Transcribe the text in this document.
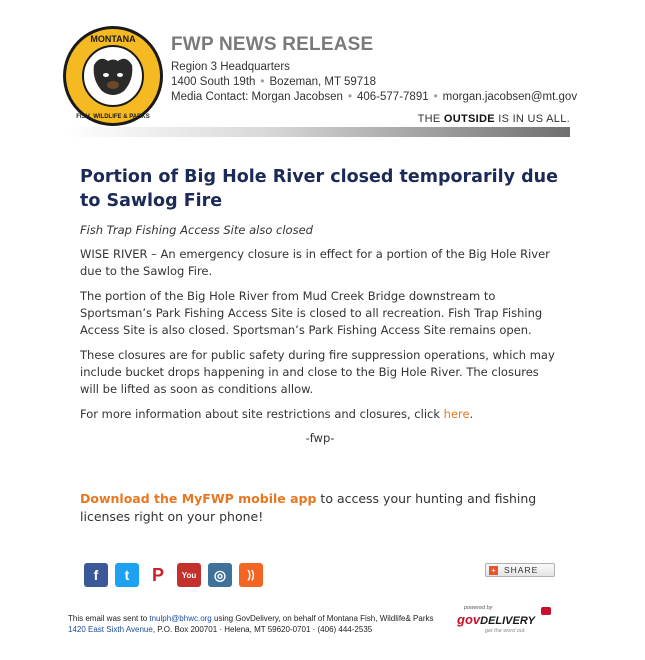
MONTANA
FISH, WILDLIFE & PARKS
FWP NEWS RELEASE
Region 3 Headquarters
1400 South 19th • Bozeman, MT 59718
Media Contact: Morgan Jacobsen • 406-577-7891 • morgan.jacobsen@mt.gov
THE OUTSIDE IS IN US ALL.
Portion of Big Hole River closed temporarily due to Sawlog Fire
Fish Trap Fishing Access Site also closed

WISE RIVER – An emergency closure is in effect for a portion of the Big Hole River due to the Sawlog Fire.

The portion of the Big Hole River from Mud Creek Bridge downstream to Sportsman’s Park Fishing Access Site is closed to all recreation. Fish Trap Fishing Access Site is also closed. Sportsman’s Park Fishing Access Site remains open.

These closures are for public safety during fire suppression operations, which may include bucket drops happening in and close to the Big Hole River. The closures will be lifted as soon as conditions allow.

For more information about site restrictions and closures, click here.

-fwp-
Download the MyFWP mobile app to access your hunting and fishing licenses right on your phone!
f	t	P	You	◎	))	+ SHARE
This email was sent to tnulph@bhwc.org using GovDelivery, on behalf of Montana Fish, Wildlife& Parks
1420 East Sixth Avenue, P.O. Box 200701 · Helena, MT 59620-0701 · (406) 444-2535
powered by
govDELIVERY
get the word out.
